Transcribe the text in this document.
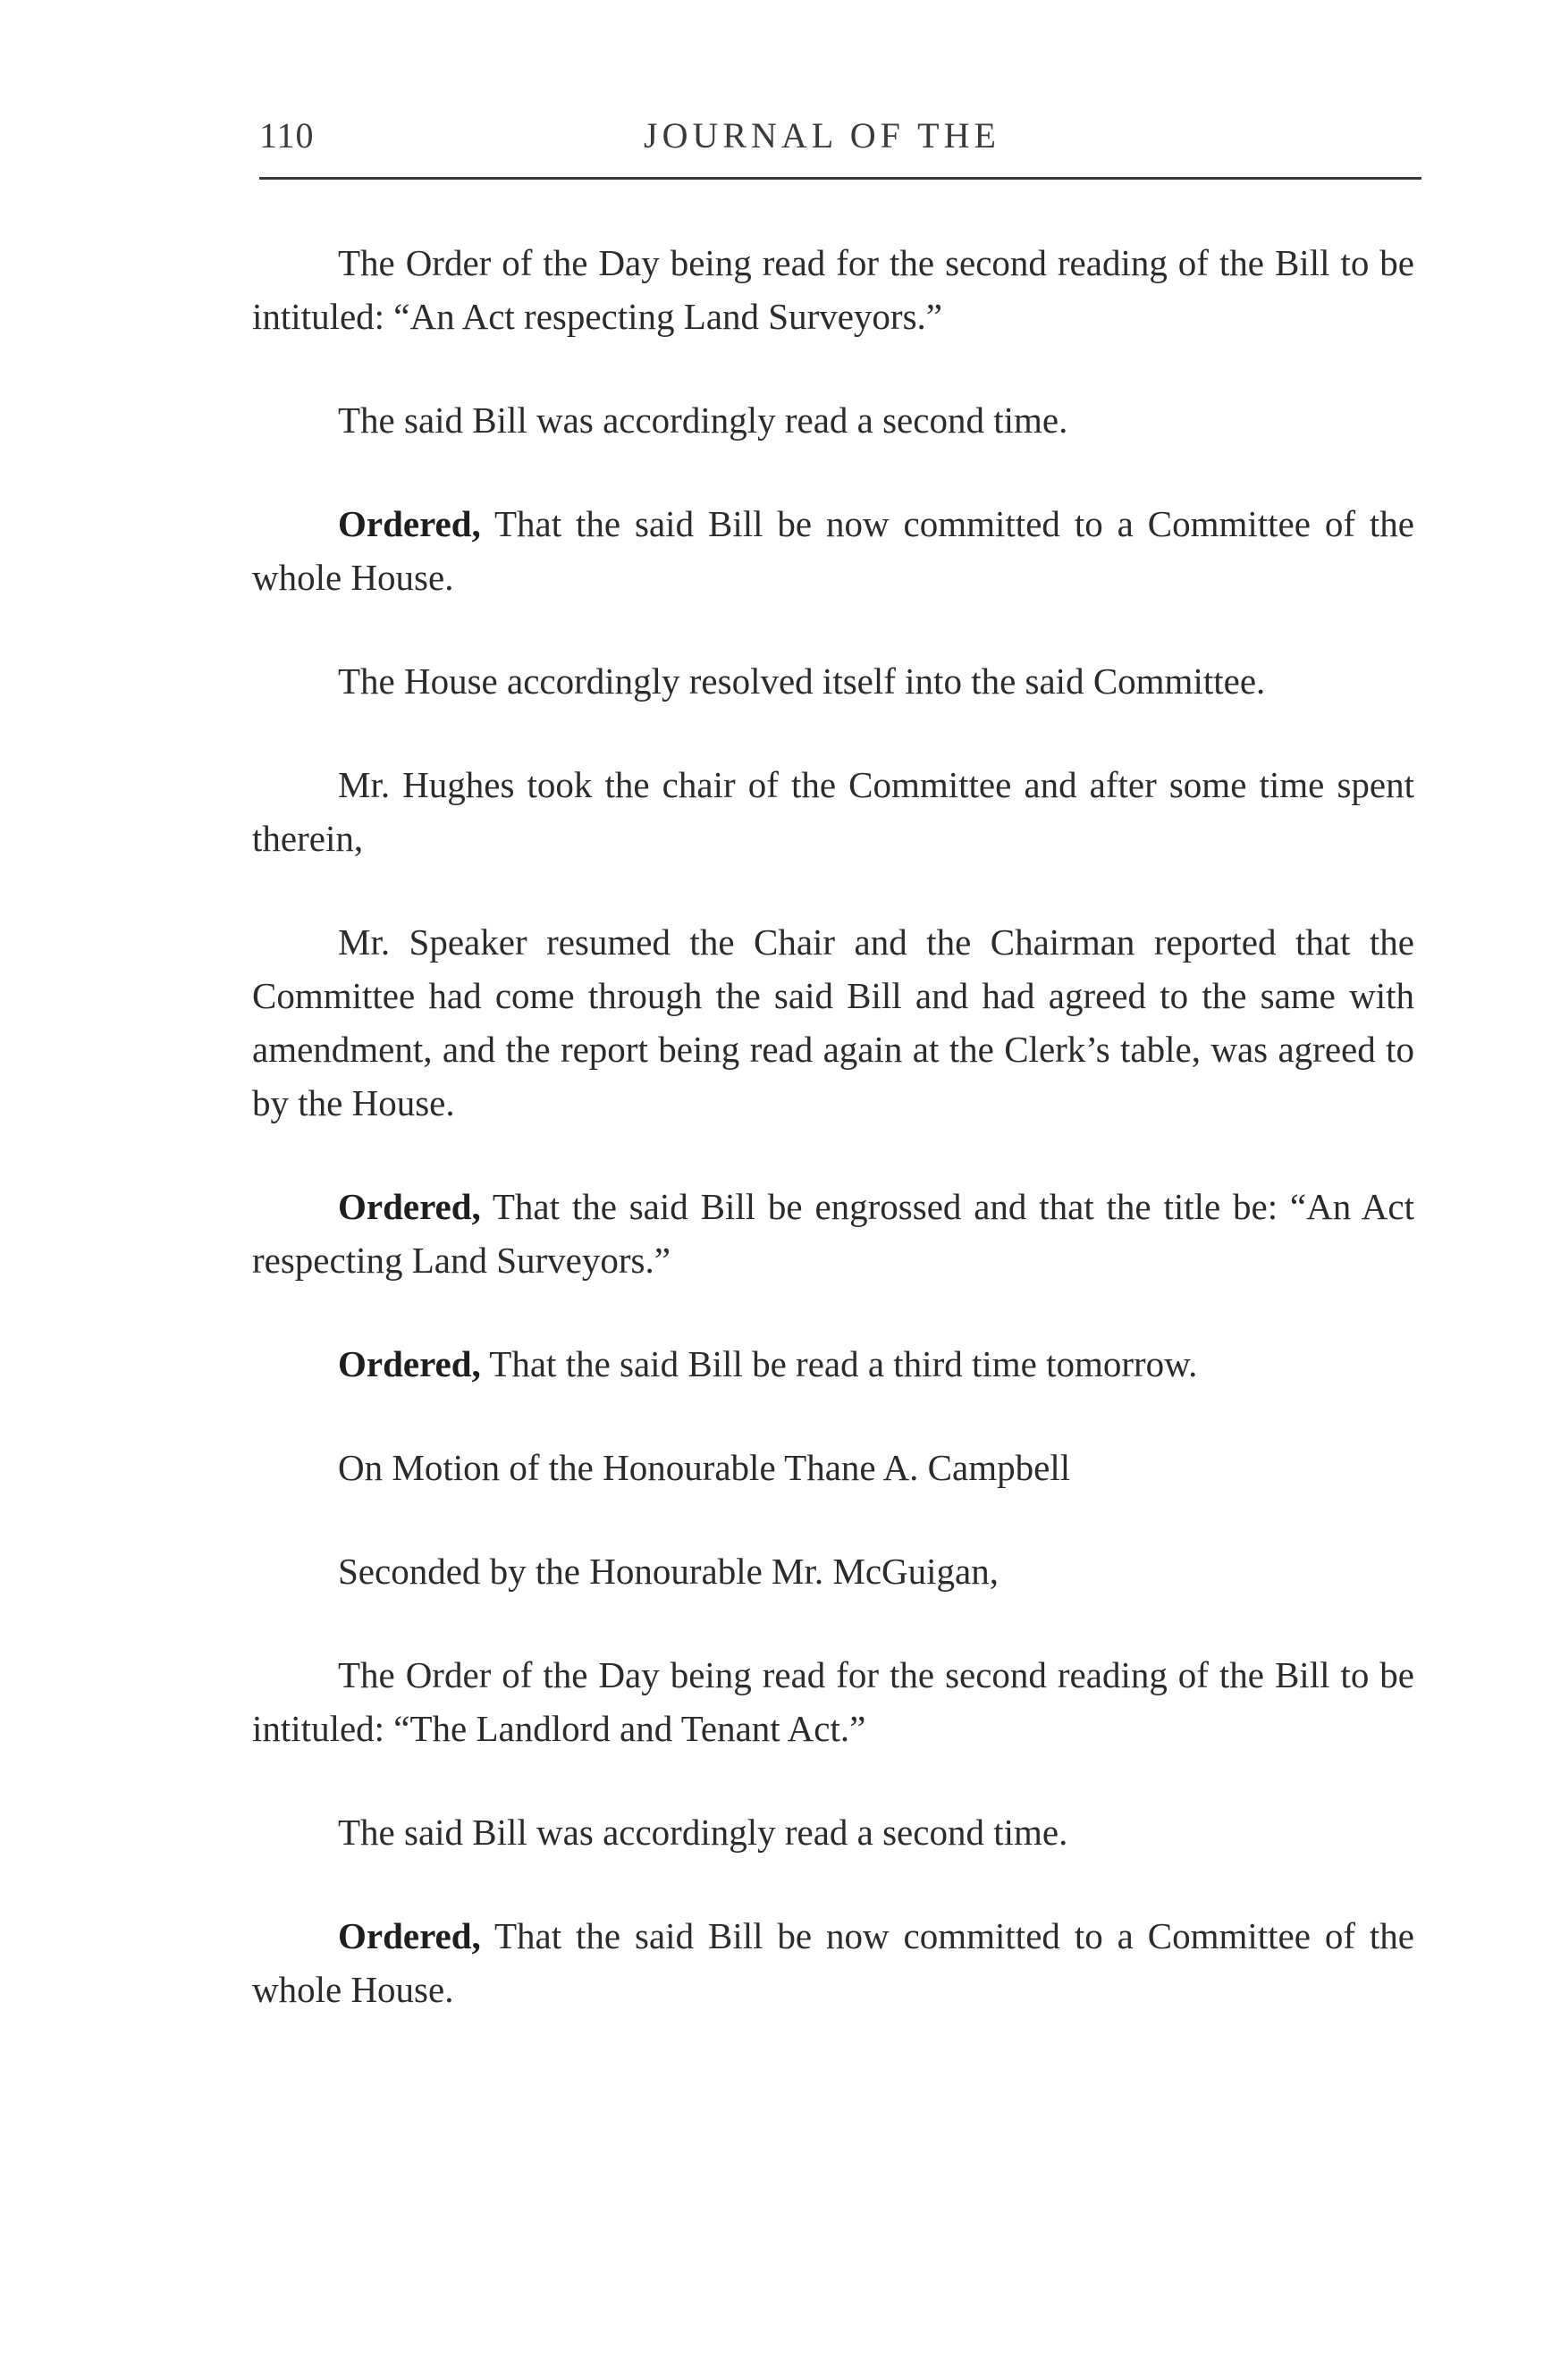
110	JOURNAL OF THE

The Order of the Day being read for the second reading of the Bill to be intituled: “An Act respecting Land Surveyors.”

The said Bill was accordingly read a second time.

Ordered, That the said Bill be now committed to a Committee of the whole House.

The House accordingly resolved itself into the said Committee.

Mr. Hughes took the chair of the Committee and after some time spent therein,

Mr. Speaker resumed the Chair and the Chairman reported that the Committee had come through the said Bill and had agreed to the same with amendment, and the report being read again at the Clerk’s table, was agreed to by the House.

Ordered, That the said Bill be engrossed and that the title be: “An Act respecting Land Surveyors.”

Ordered, That the said Bill be read a third time tomorrow.

On Motion of the Honourable Thane A. Campbell

Seconded by the Honourable Mr. McGuigan,

The Order of the Day being read for the second reading of the Bill to be intituled: “The Landlord and Tenant Act.”

The said Bill was accordingly read a second time.

Ordered, That the said Bill be now committed to a Committee of the whole House.
